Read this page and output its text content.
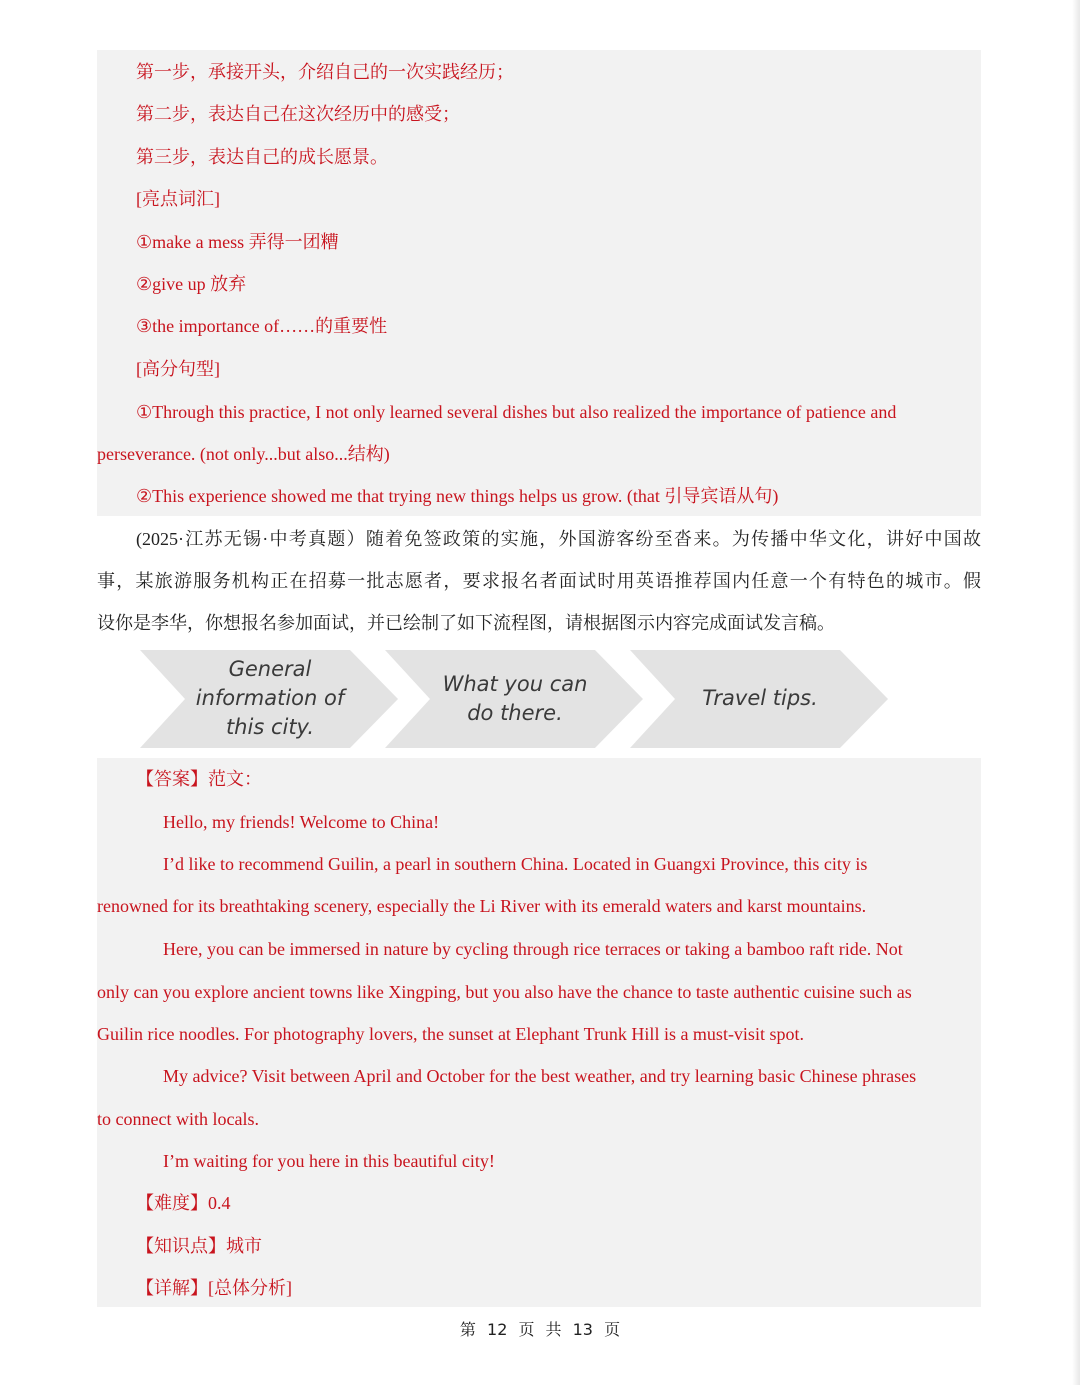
第一步，承接开头，介绍自己的一次实践经历；
第二步，表达自己在这次经历中的感受；
第三步，表达自己的成长愿景。
[亮点词汇]
①make a mess 弄得一团糟
②give up 放弃
③the importance of……的重要性
[高分句型]
①Through this practice, I not only learned several dishes but also realized the importance of patience and
perseverance. (not only...but also...结构)
②This experience showed me that trying new things helps us grow. (that 引导宾语从句)
(2025·江苏无锡·中考真题）随着免签政策的实施，外国游客纷至沓来。为传播中华文化，讲好中国故
事，某旅游服务机构正在招募一批志愿者，要求报名者面试时用英语推荐国内任意一个有特色的城市。假
设你是李华，你想报名参加面试，并已绘制了如下流程图，请根据图示内容完成面试发言稿。
General
information of
this city.
What you can
do there.
Travel tips.
【答案】范文：
Hello, my friends! Welcome to China!
I’d like to recommend Guilin, a pearl in southern China. Located in Guangxi Province, this city is
renowned for its breathtaking scenery, especially the Li River with its emerald waters and karst mountains.
Here, you can be immersed in nature by cycling through rice terraces or taking a bamboo raft ride. Not
only can you explore ancient towns like Xingping, but you also have the chance to taste authentic cuisine such as
Guilin rice noodles. For photography lovers, the sunset at Elephant Trunk Hill is a must-visit spot.
My advice? Visit between April and October for the best weather, and try learning basic Chinese phrases
to connect with locals.
I’m waiting for you here in this beautiful city!
【难度】0.4
【知识点】城市
【详解】[总体分析]
第 12 页 共 13 页
